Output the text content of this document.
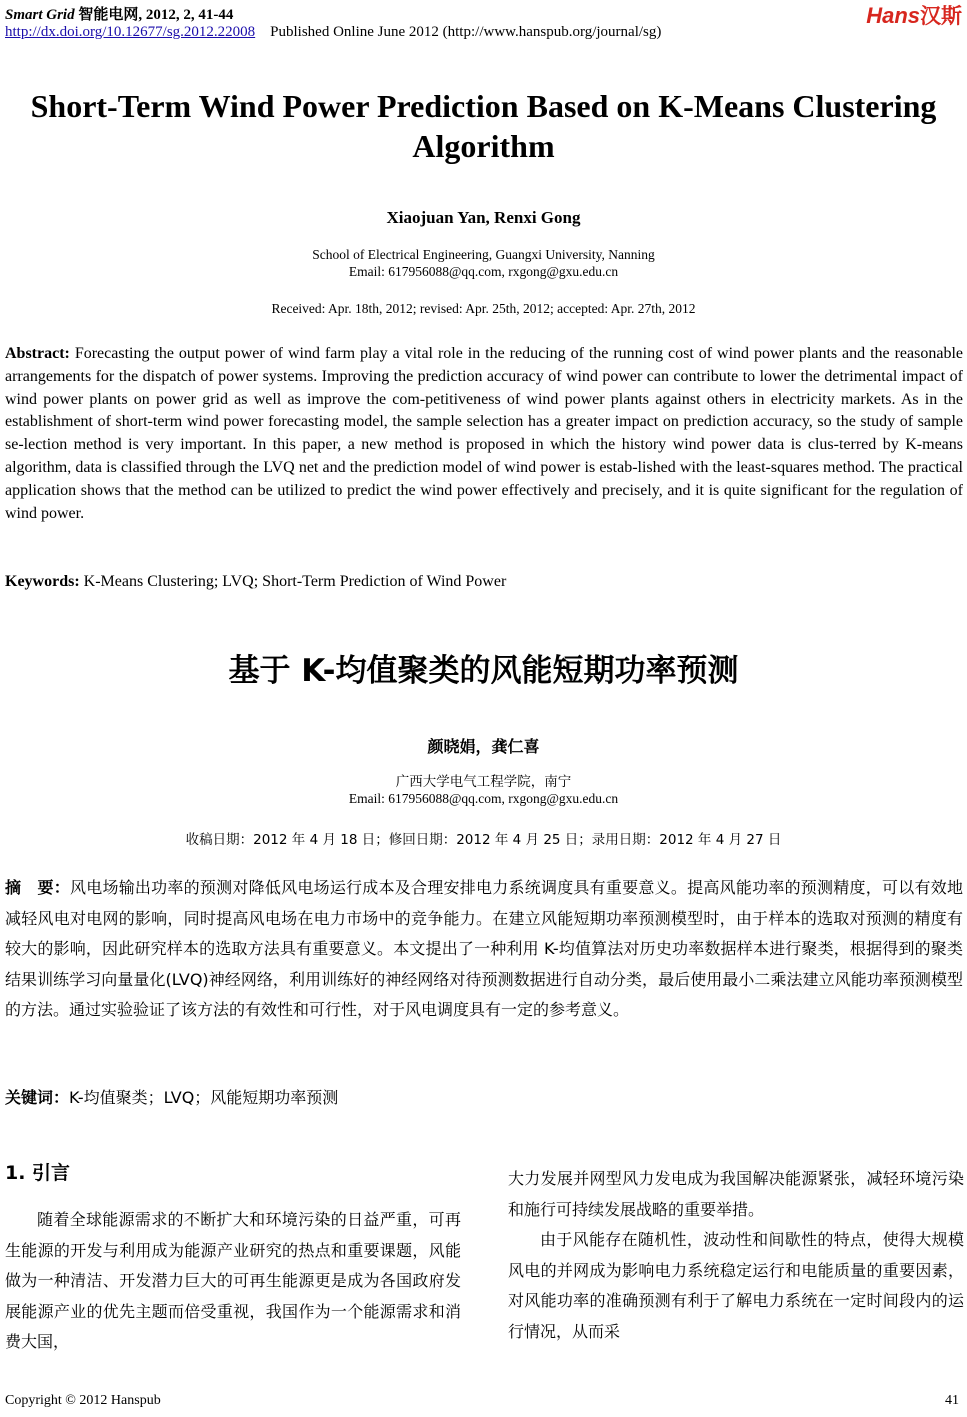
Smart Grid 智能电网, 2012, 2, 41-44
http://dx.doi.org/10.12677/sg.2012.22008 Published Online June 2012 (http://www.hanspub.org/journal/sg)
Hans汉斯
Short-Term Wind Power Prediction Based on K-Means Clustering Algorithm
Xiaojuan Yan, Renxi Gong
School of Electrical Engineering, Guangxi University, Nanning
Email: 617956088@qq.com, rxgong@gxu.edu.cn
Received: Apr. 18th, 2012; revised: Apr. 25th, 2012; accepted: Apr. 27th, 2012
Abstract: Forecasting the output power of wind farm play a vital role in the reducing of the running cost of wind power plants and the reasonable arrangements for the dispatch of power systems. Improving the prediction accuracy of wind power can contribute to lower the detrimental impact of wind power plants on power grid as well as improve the com-petitiveness of wind power plants against others in electricity markets. As in the establishment of short-term wind power forecasting model, the sample selection has a greater impact on prediction accuracy, so the study of sample se-lection method is very important. In this paper, a new method is proposed in which the history wind power data is clus-terred by K-means algorithm, data is classified through the LVQ net and the prediction model of wind power is estab-lished with the least-squares method. The practical application shows that the method can be utilized to predict the wind power effectively and precisely, and it is quite significant for the regulation of wind power.
Keywords: K-Means Clustering; LVQ; Short-Term Prediction of Wind Power
基于 K-均值聚类的风能短期功率预测
颜晓娟，龚仁喜
广西大学电气工程学院，南宁
Email: 617956088@qq.com, rxgong@gxu.edu.cn
收稿日期：2012 年 4 月 18 日；修回日期：2012 年 4 月 25 日；录用日期：2012 年 4 月 27 日
摘　要：风电场输出功率的预测对降低风电场运行成本及合理安排电力系统调度具有重要意义。提高风能功率的预测精度，可以有效地减轻风电对电网的影响，同时提高风电场在电力市场中的竞争能力。在建立风能短期功率预测模型时，由于样本的选取对预测的精度有较大的影响，因此研究样本的选取方法具有重要意义。本文提出了一种利用 K-均值算法对历史功率数据样本进行聚类，根据得到的聚类结果训练学习向量量化(LVQ)神经网络，利用训练好的神经网络对待预测数据进行自动分类，最后使用最小二乘法建立风能功率预测模型的方法。通过实验验证了该方法的有效性和可行性，对于风电调度具有一定的参考意义。
关键词：K-均值聚类；LVQ；风能短期功率预测
1. 引言

随着全球能源需求的不断扩大和环境污染的日益严重，可再生能源的开发与利用成为能源产业研究的热点和重要课题，风能做为一种清洁、开发潜力巨大的可再生能源更是成为各国政府发展能源产业的优先主题而倍受重视，我国作为一个能源需求和消费大国，

大力发展并网型风力发电成为我国解决能源紧张，减轻环境污染和施行可持续发展战略的重要举措。

由于风能存在随机性，波动性和间歇性的特点，使得大规模风电的并网成为影响电力系统稳定运行和电能质量的重要因素，对风能功率的准确预测有利于了解电力系统在一定时间段内的运行情况，从而采

Copyright © 2012 Hanspub	41
